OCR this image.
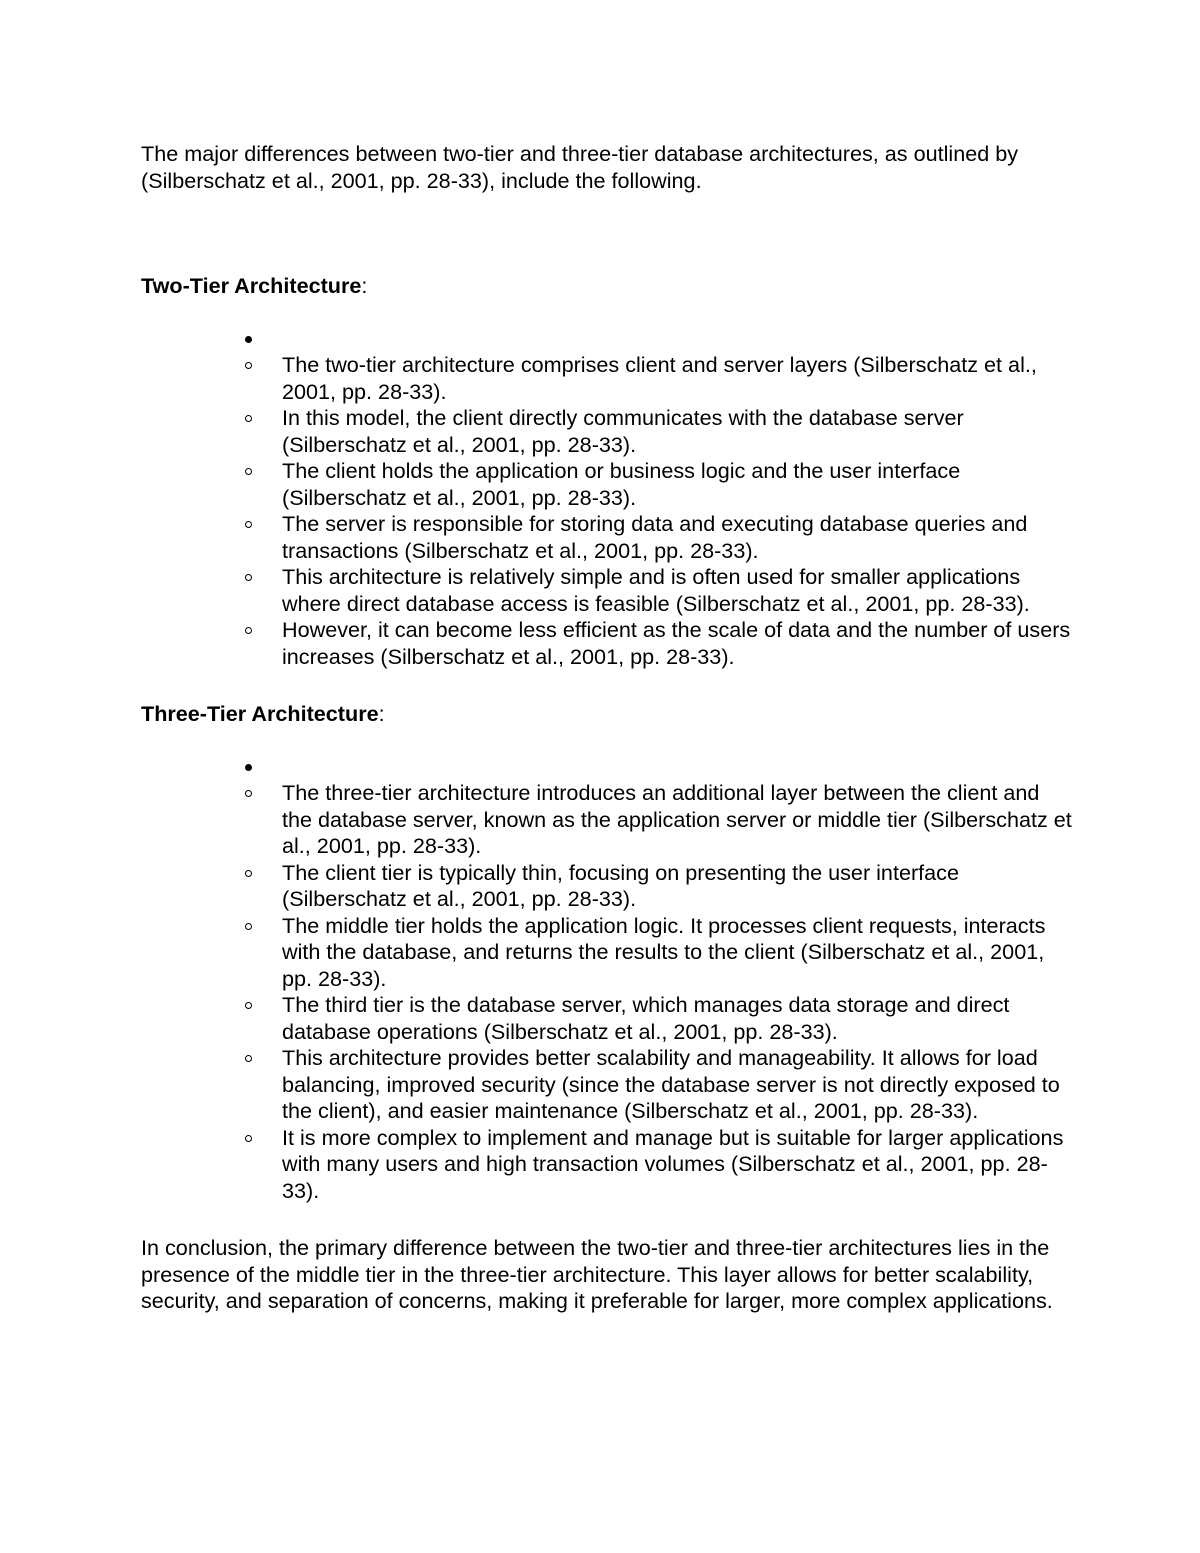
The major differences between two-tier and three-tier database architectures, as outlined by (Silberschatz et al., 2001, pp. 28-33), include the following.

Two-Tier Architecture:
The two-tier architecture comprises client and server layers (Silberschatz et al., 2001, pp. 28-33).
In this model, the client directly communicates with the database server (Silberschatz et al., 2001, pp. 28-33).
The client holds the application or business logic and the user interface (Silberschatz et al., 2001, pp. 28-33).
The server is responsible for storing data and executing database queries and transactions (Silberschatz et al., 2001, pp. 28-33).
This architecture is relatively simple and is often used for smaller applications where direct database access is feasible (Silberschatz et al., 2001, pp. 28-33).
However, it can become less efficient as the scale of data and the number of users increases (Silberschatz et al., 2001, pp. 28-33).
Three-Tier Architecture:
The three-tier architecture introduces an additional layer between the client and the database server, known as the application server or middle tier (Silberschatz et al., 2001, pp. 28-33).
The client tier is typically thin, focusing on presenting the user interface (Silberschatz et al., 2001, pp. 28-33).
The middle tier holds the application logic. It processes client requests, interacts with the database, and returns the results to the client (Silberschatz et al., 2001, pp. 28-33).
The third tier is the database server, which manages data storage and direct database operations (Silberschatz et al., 2001, pp. 28-33).
This architecture provides better scalability and manageability. It allows for load balancing, improved security (since the database server is not directly exposed to the client), and easier maintenance (Silberschatz et al., 2001, pp. 28-33).
It is more complex to implement and manage but is suitable for larger applications with many users and high transaction volumes (Silberschatz et al., 2001, pp. 28-33).

In conclusion, the primary difference between the two-tier and three-tier architectures lies in the presence of the middle tier in the three-tier architecture. This layer allows for better scalability, security, and separation of concerns, making it preferable for larger, more complex applications.
